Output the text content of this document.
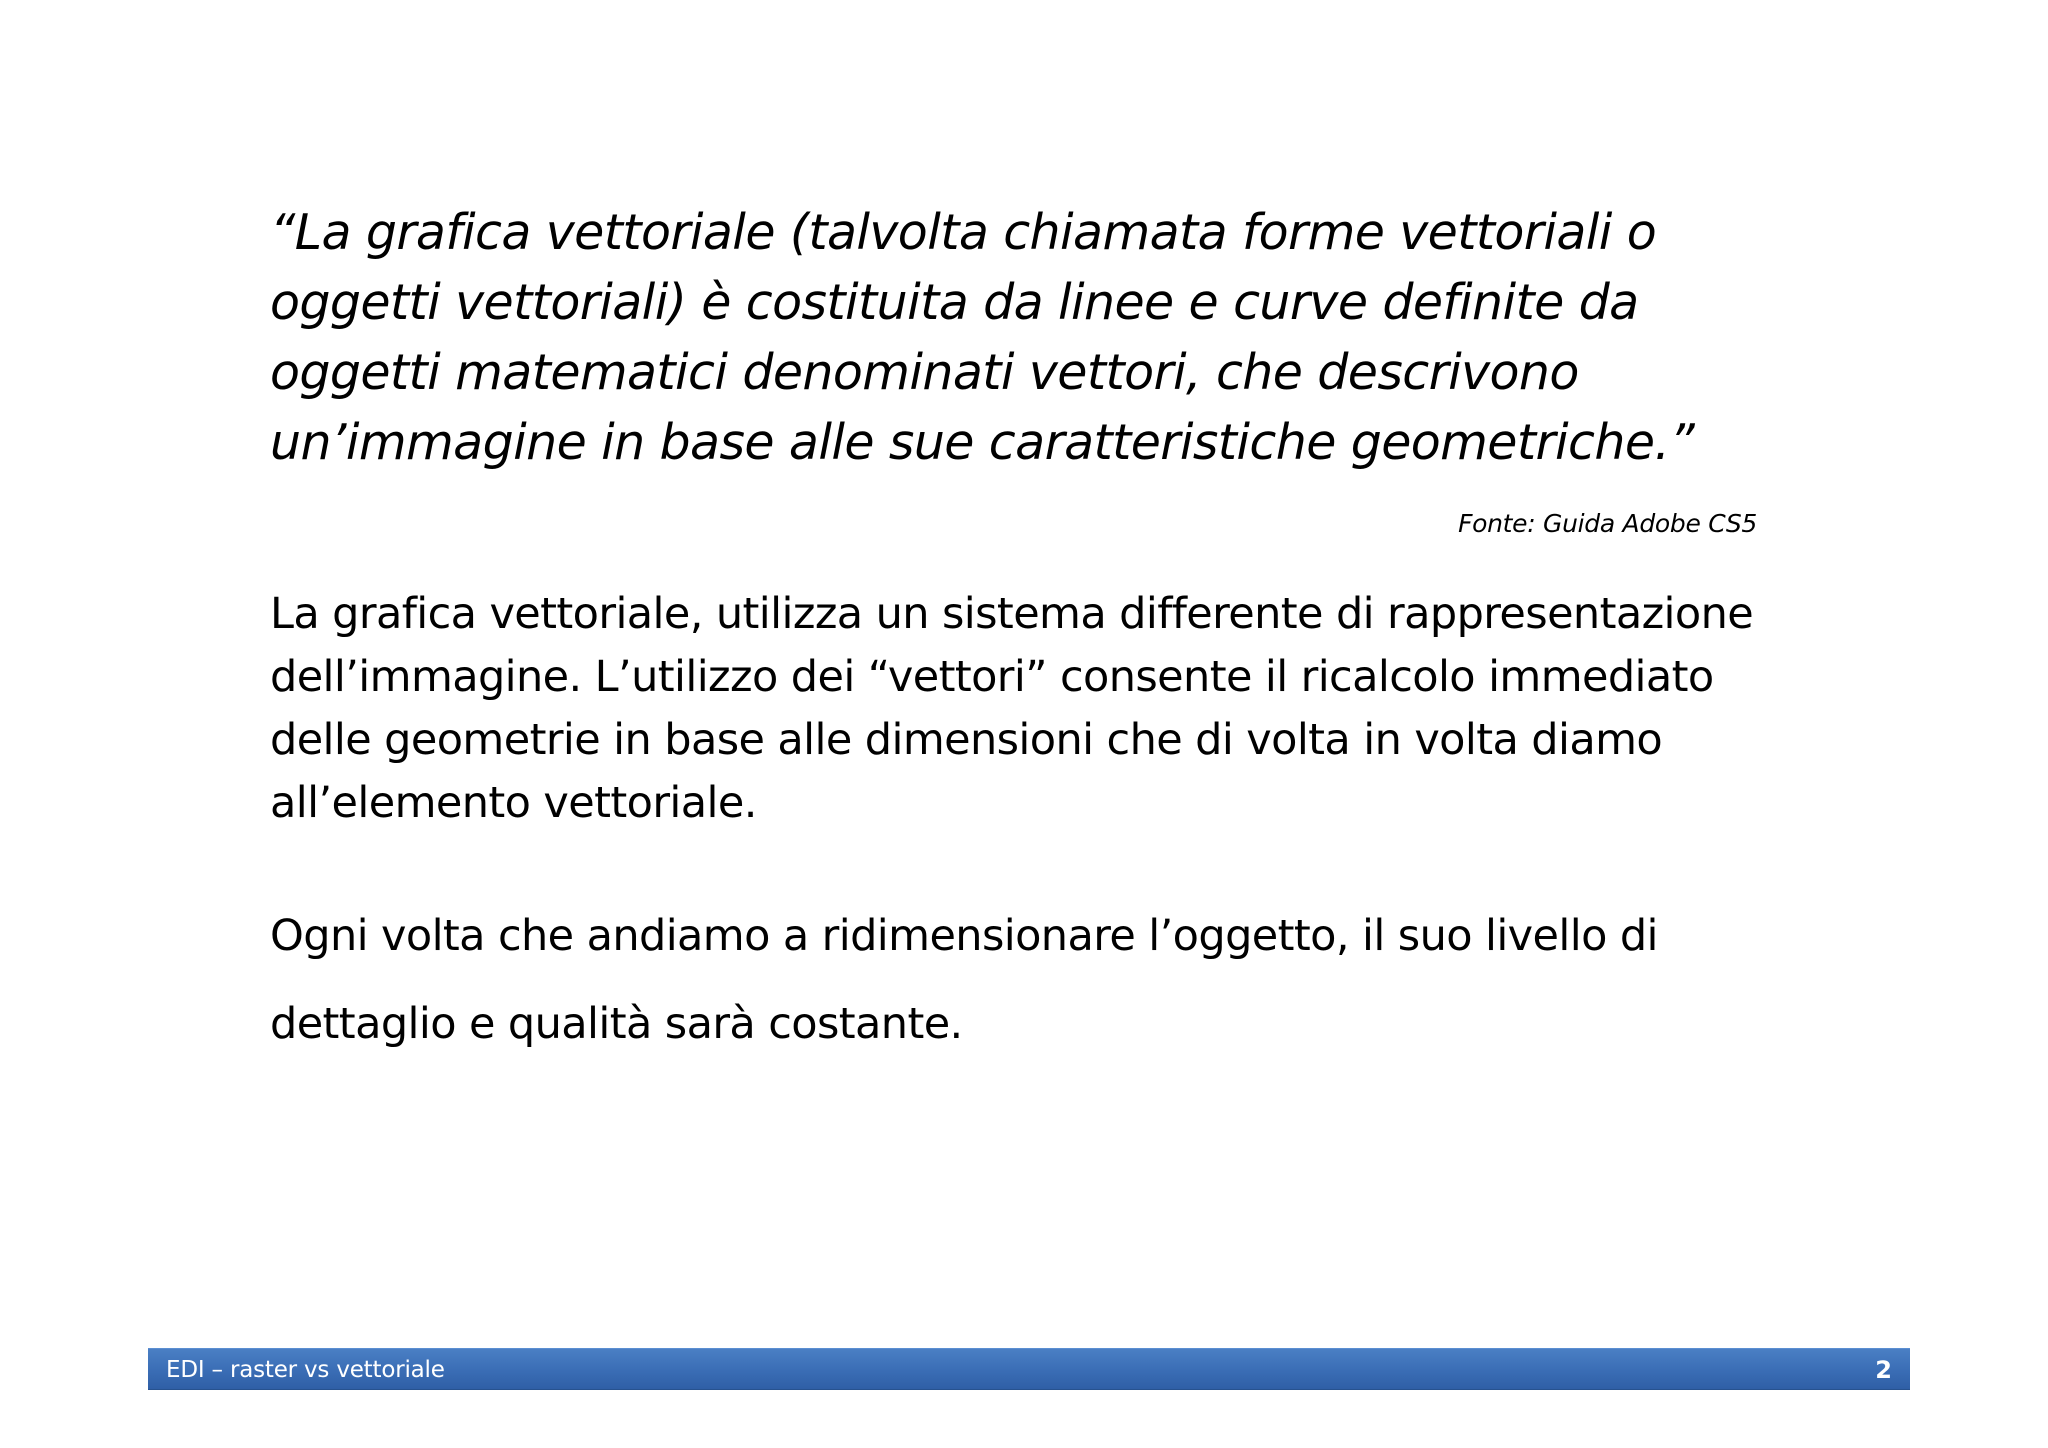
“La grafica vettoriale (talvolta chiamata forme vettoriali o
oggetti vettoriali) è costituita da linee e curve definite da
oggetti matematici denominati vettori, che descrivono
un’immagine in base alle sue caratteristiche geometriche.”

Fonte: Guida Adobe CS5

La grafica vettoriale, utilizza un sistema differente di rappresentazione
dell’immagine. L’utilizzo dei “vettori” consente il ricalcolo immediato
delle geometrie in base alle dimensioni che di volta in volta diamo
all’elemento vettoriale.

Ogni volta che andiamo a ridimensionare l’oggetto, il suo livello di
dettaglio e qualità sarà costante.

EDI – raster vs vettoriale	2
